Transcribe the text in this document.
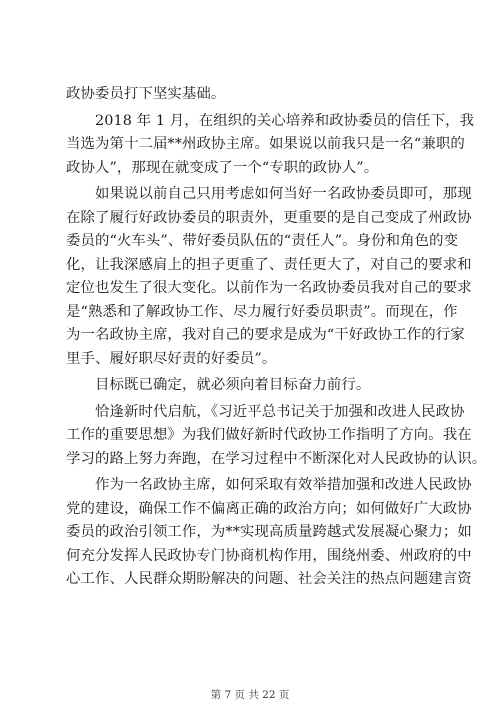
政协委员打下坚实基础。
2018 年 1 月，在组织的关心培养和政协委员的信任下，我
当选为第十二届**州政协主席。如果说以前我只是一名“兼职的
政协人”，那现在就变成了一个“专职的政协人”。
如果说以前自己只用考虑如何当好一名政协委员即可，那现
在除了履行好政协委员的职责外，更重要的是自己变成了州政协
委员的“火车头”、带好委员队伍的“责任人”。身份和角色的变
化，让我深感肩上的担子更重了、责任更大了，对自己的要求和
定位也发生了很大变化。以前作为一名政协委员我对自己的要求
是“熟悉和了解政协工作、尽力履行好委员职责”。而现在，作
为一名政协主席，我对自己的要求是成为“干好政协工作的行家
里手、履好职尽好责的好委员”。
目标既已确定，就必须向着目标奋力前行。
恰逢新时代启航，《习近平总书记关于加强和改进人民政协
工作的重要思想》为我们做好新时代政协工作指明了方向。我在
学习的路上努力奔跑，在学习过程中不断深化对人民政协的认识。
作为一名政协主席，如何采取有效举措加强和改进人民政协
党的建设，确保工作不偏离正确的政治方向；如何做好广大政协
委员的政治引领工作，为**实现高质量跨越式发展凝心聚力；如
何充分发挥人民政协专门协商机构作用，围绕州委、州政府的中
心工作、人民群众期盼解决的问题、社会关注的热点问题建言资
第 7 页 共 22 页
